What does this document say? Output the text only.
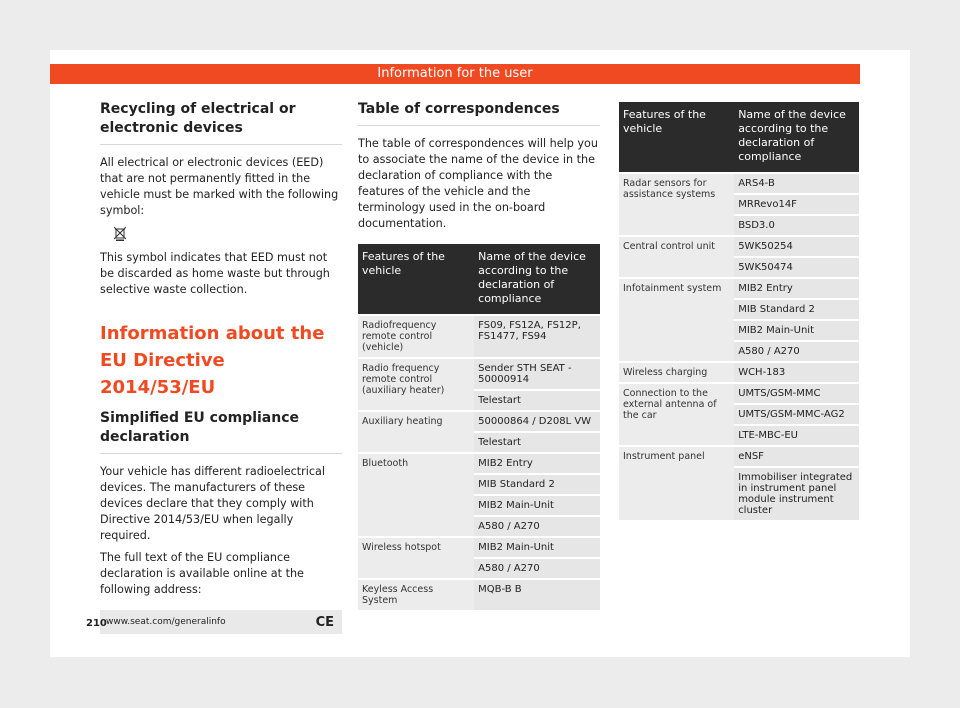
Information for the user
Recycling of electrical or electronic devices

All electrical or electronic devices (EED) that are not permanently fitted in the vehicle must be marked with the following symbol:

This symbol indicates that EED must not be discarded as home waste but through selective waste collection.

Information about the EU Directive 2014/53/EU
Simplified EU compliance declaration

Your vehicle has different radioelectrical devices. The manufacturers of these devices declare that they comply with Directive 2014/53/EU when legally required.

The full text of the EU compliance declaration is available online at the following address:

www.seat.com/generalinfo	CE
Table of correspondences

The table of correspondences will help you to associate the name of the device in the declaration of compliance with the features of the vehicle and the terminology used in the on-board documentation.

Features of the vehicle	Name of the device according to the declaration of compliance
Radiofrequency remote control (vehicle)	FS09, FS12A, FS12P, FS1477, FS94
Radio frequency remote control (auxiliary heater)	Sender STH SEAT - 50000914
	Telestart
Auxiliary heating	50000864 / D208L VW
	Telestart
Bluetooth	MIB2 Entry
	MIB Standard 2
	MIB2 Main-Unit
	A580 / A270
Wireless hotspot	MIB2 Main-Unit
	A580 / A270
Keyless Access System	MQB-B B
Features of the vehicle	Name of the device according to the declaration of compliance
Radar sensors for assistance systems	ARS4-B
	MRRevo14F
	BSD3.0
Central control unit	5WK50254
	5WK50474
Infotainment system	MIB2 Entry
	MIB Standard 2
	MIB2 Main-Unit
	A580 / A270
Wireless charging	WCH-183
Connection to the external antenna of the car	UMTS/GSM-MMC
	UMTS/GSM-MMC-AG2
	LTE-MBC-EU
Instrument panel	eNSF
	Immobiliser integrated in instrument panel module instrument cluster
210
